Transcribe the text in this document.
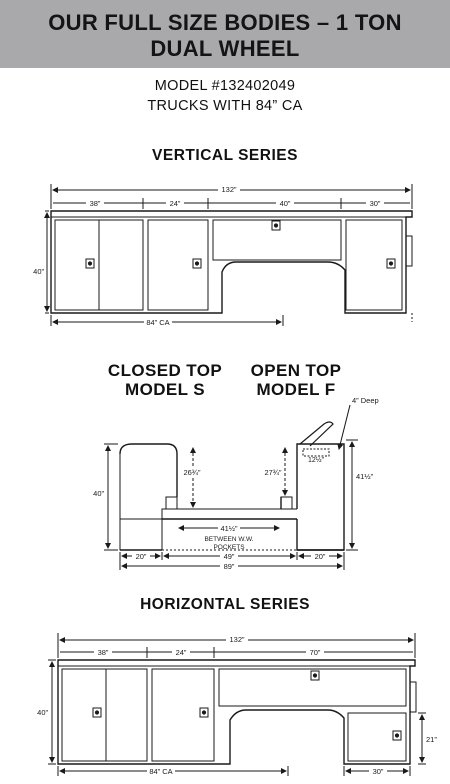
OUR FULL SIZE BODIES – 1 TON
DUAL WHEEL
MODEL #132402049
TRUCKS WITH 84” CA
VERTICAL SERIES
CLOSED TOP
MODEL S
OPEN TOP
MODEL F
HORIZONTAL SERIES
132”
38”	24”	40”	30”
40”
84” CA
4” Deep
12½”
40”
26¾”	27¾”	41½”
41½”
BETWEEN W.W.
POCKETS
20”	20”
49”
89”
132”
38”	24”	70”
40”
21”
84” CA	30”
